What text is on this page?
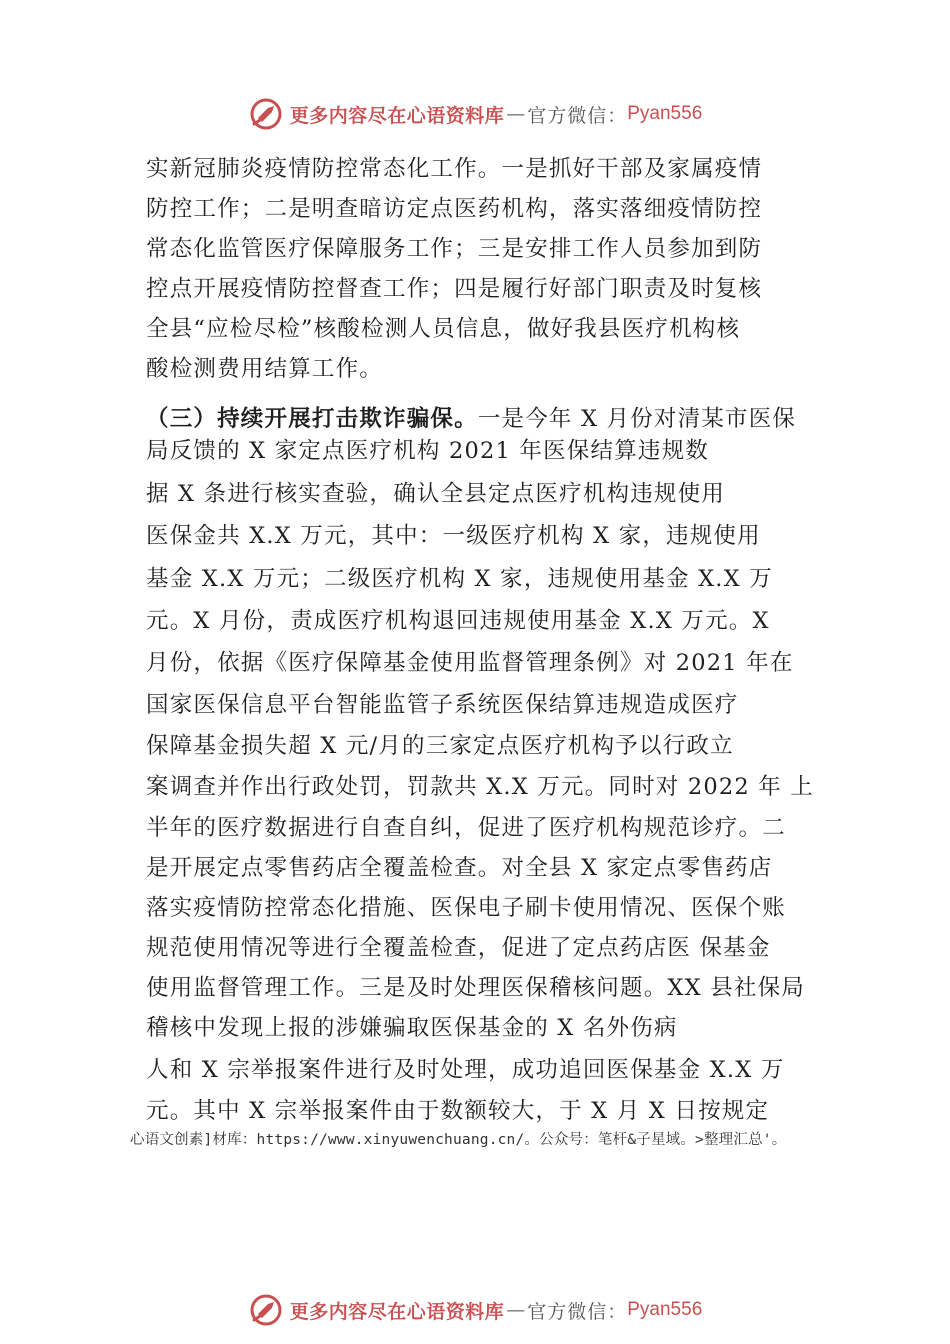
更多内容尽在心语资料库 — 官方微信： Pyan556
实新冠肺炎疫情防控常态化工作。一是抓好干部及家属疫情
防控工作；二是明查暗访定点医药机构，落实落细疫情防控
常态化监管医疗保障服务工作；三是安排工作人员参加到防
控点开展疫情防控督查工作；四是履行好部门职责及时复核
全县“应检尽检”核酸检测人员信息，做好我县医疗机构核
酸检测费用结算工作。
（三）持续开展打击欺诈骗保。一是今年 X 月份对清某市医保
局反馈的 X 家定点医疗机构 2021 年医保结算违规数
据 X 条进行核实查验，确认全县定点医疗机构违规使用
医保金共 X.X 万元，其中：一级医疗机构 X 家，违规使用
基金 X.X 万元；二级医疗机构 X 家，违规使用基金 X.X 万
元。X 月份，责成医疗机构退回违规使用基金 X.X 万元。X
月份，依据《医疗保障基金使用监督管理条例》对 2021 年在
国家医保信息平台智能监管子系统医保结算违规造成医疗
保障基金损失超 X 元/月的三家定点医疗机构予以行政立
案调查并作出行政处罚，罚款共 X.X 万元。同时对 2022 年 上
半年的医疗数据进行自查自纠，促进了医疗机构规范诊疗。二
是开展定点零售药店全覆盖检查。对全县 X 家定点零售药店
落实疫情防控常态化措施、医保电子刷卡使用情况、医保个账
规范使用情况等进行全覆盖检查，促进了定点药店医 保基金
使用监督管理工作。三是及时处理医保稽核问题。XX 县社保局
稽核中发现上报的涉嫌骗取医保基金的 X 名外伤病
人和 X 宗举报案件进行及时处理，成功追回医保基金 X.X 万
元。其中 X 宗举报案件由于数额较大，于 X 月 X 日按规定
心语文创素]材库：https://www.xinyuwenchuang.cn/。公众号：笔杆&子星域。>整理汇总'。
更多内容尽在心语资料库 — 官方微信： Pyan556
